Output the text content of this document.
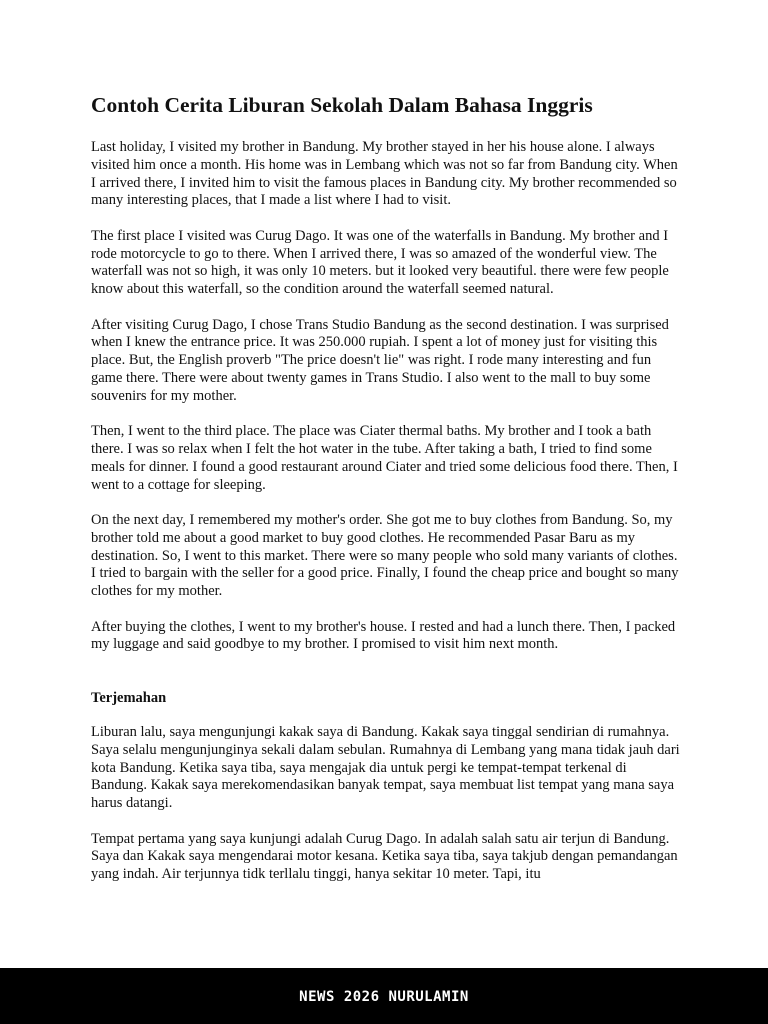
Contoh Cerita Liburan Sekolah Dalam Bahasa Inggris

Last holiday, I visited my brother in Bandung. My brother stayed in her his house alone. I always visited him once a month. His home was in Lembang which was not so far from Bandung city. When I arrived there, I invited him to visit the famous places in Bandung city. My brother recommended so many interesting places, that I made a list where I had to visit.

The first place I visited was Curug Dago. It was one of the waterfalls in Bandung. My brother and I rode motorcycle to go to there. When I arrived there, I was so amazed of the wonderful view. The waterfall was not so high, it was only 10 meters. but it looked very beautiful. there were few people know about this waterfall, so the condition around the waterfall seemed natural.

After visiting Curug Dago, I chose Trans Studio Bandung as the second destination. I was surprised when I knew the entrance price. It was 250.000 rupiah. I spent a lot of money just for visiting this place. But, the English proverb "The price doesn't lie" was right. I rode many interesting and fun game there. There were about twenty games in Trans Studio. I also went to the mall to buy some souvenirs for my mother.

Then, I went to the third place. The place was Ciater thermal baths. My brother and I took a bath there. I was so relax when I felt the hot water in the tube. After taking a bath, I tried to find some meals for dinner. I found a good restaurant around Ciater and tried some delicious food there. Then, I went to a cottage for sleeping.

On the next day, I remembered my mother's order. She got me to buy clothes from Bandung. So, my brother told me about a good market to buy good clothes. He recommended Pasar Baru as my destination. So, I went to this market. There were so many people who sold many variants of clothes. I tried to bargain with the seller for a good price. Finally, I found the cheap price and bought so many clothes for my mother.

After buying the clothes, I went to my brother's house. I rested and had a lunch there. Then, I packed my luggage and said goodbye to my brother. I promised to visit him next month.

Terjemahan

Liburan lalu, saya mengunjungi kakak saya di Bandung. Kakak saya tinggal sendirian di rumahnya. Saya selalu mengunjunginya sekali dalam sebulan. Rumahnya di Lembang yang mana tidak jauh dari kota Bandung. Ketika saya tiba, saya mengajak dia untuk pergi ke tempat-tempat terkenal di Bandung. Kakak saya merekomendasikan banyak tempat, saya membuat list tempat yang mana saya harus datangi.

Tempat pertama yang saya kunjungi adalah Curug Dago. In adalah salah satu air terjun di Bandung. Saya dan Kakak saya mengendarai motor kesana. Ketika saya tiba, saya takjub dengan pemandangan yang indah. Air terjunnya tidk terllalu tinggi, hanya sekitar 10 meter. Tapi, itu

NEWS 2026 NURULAMIN
